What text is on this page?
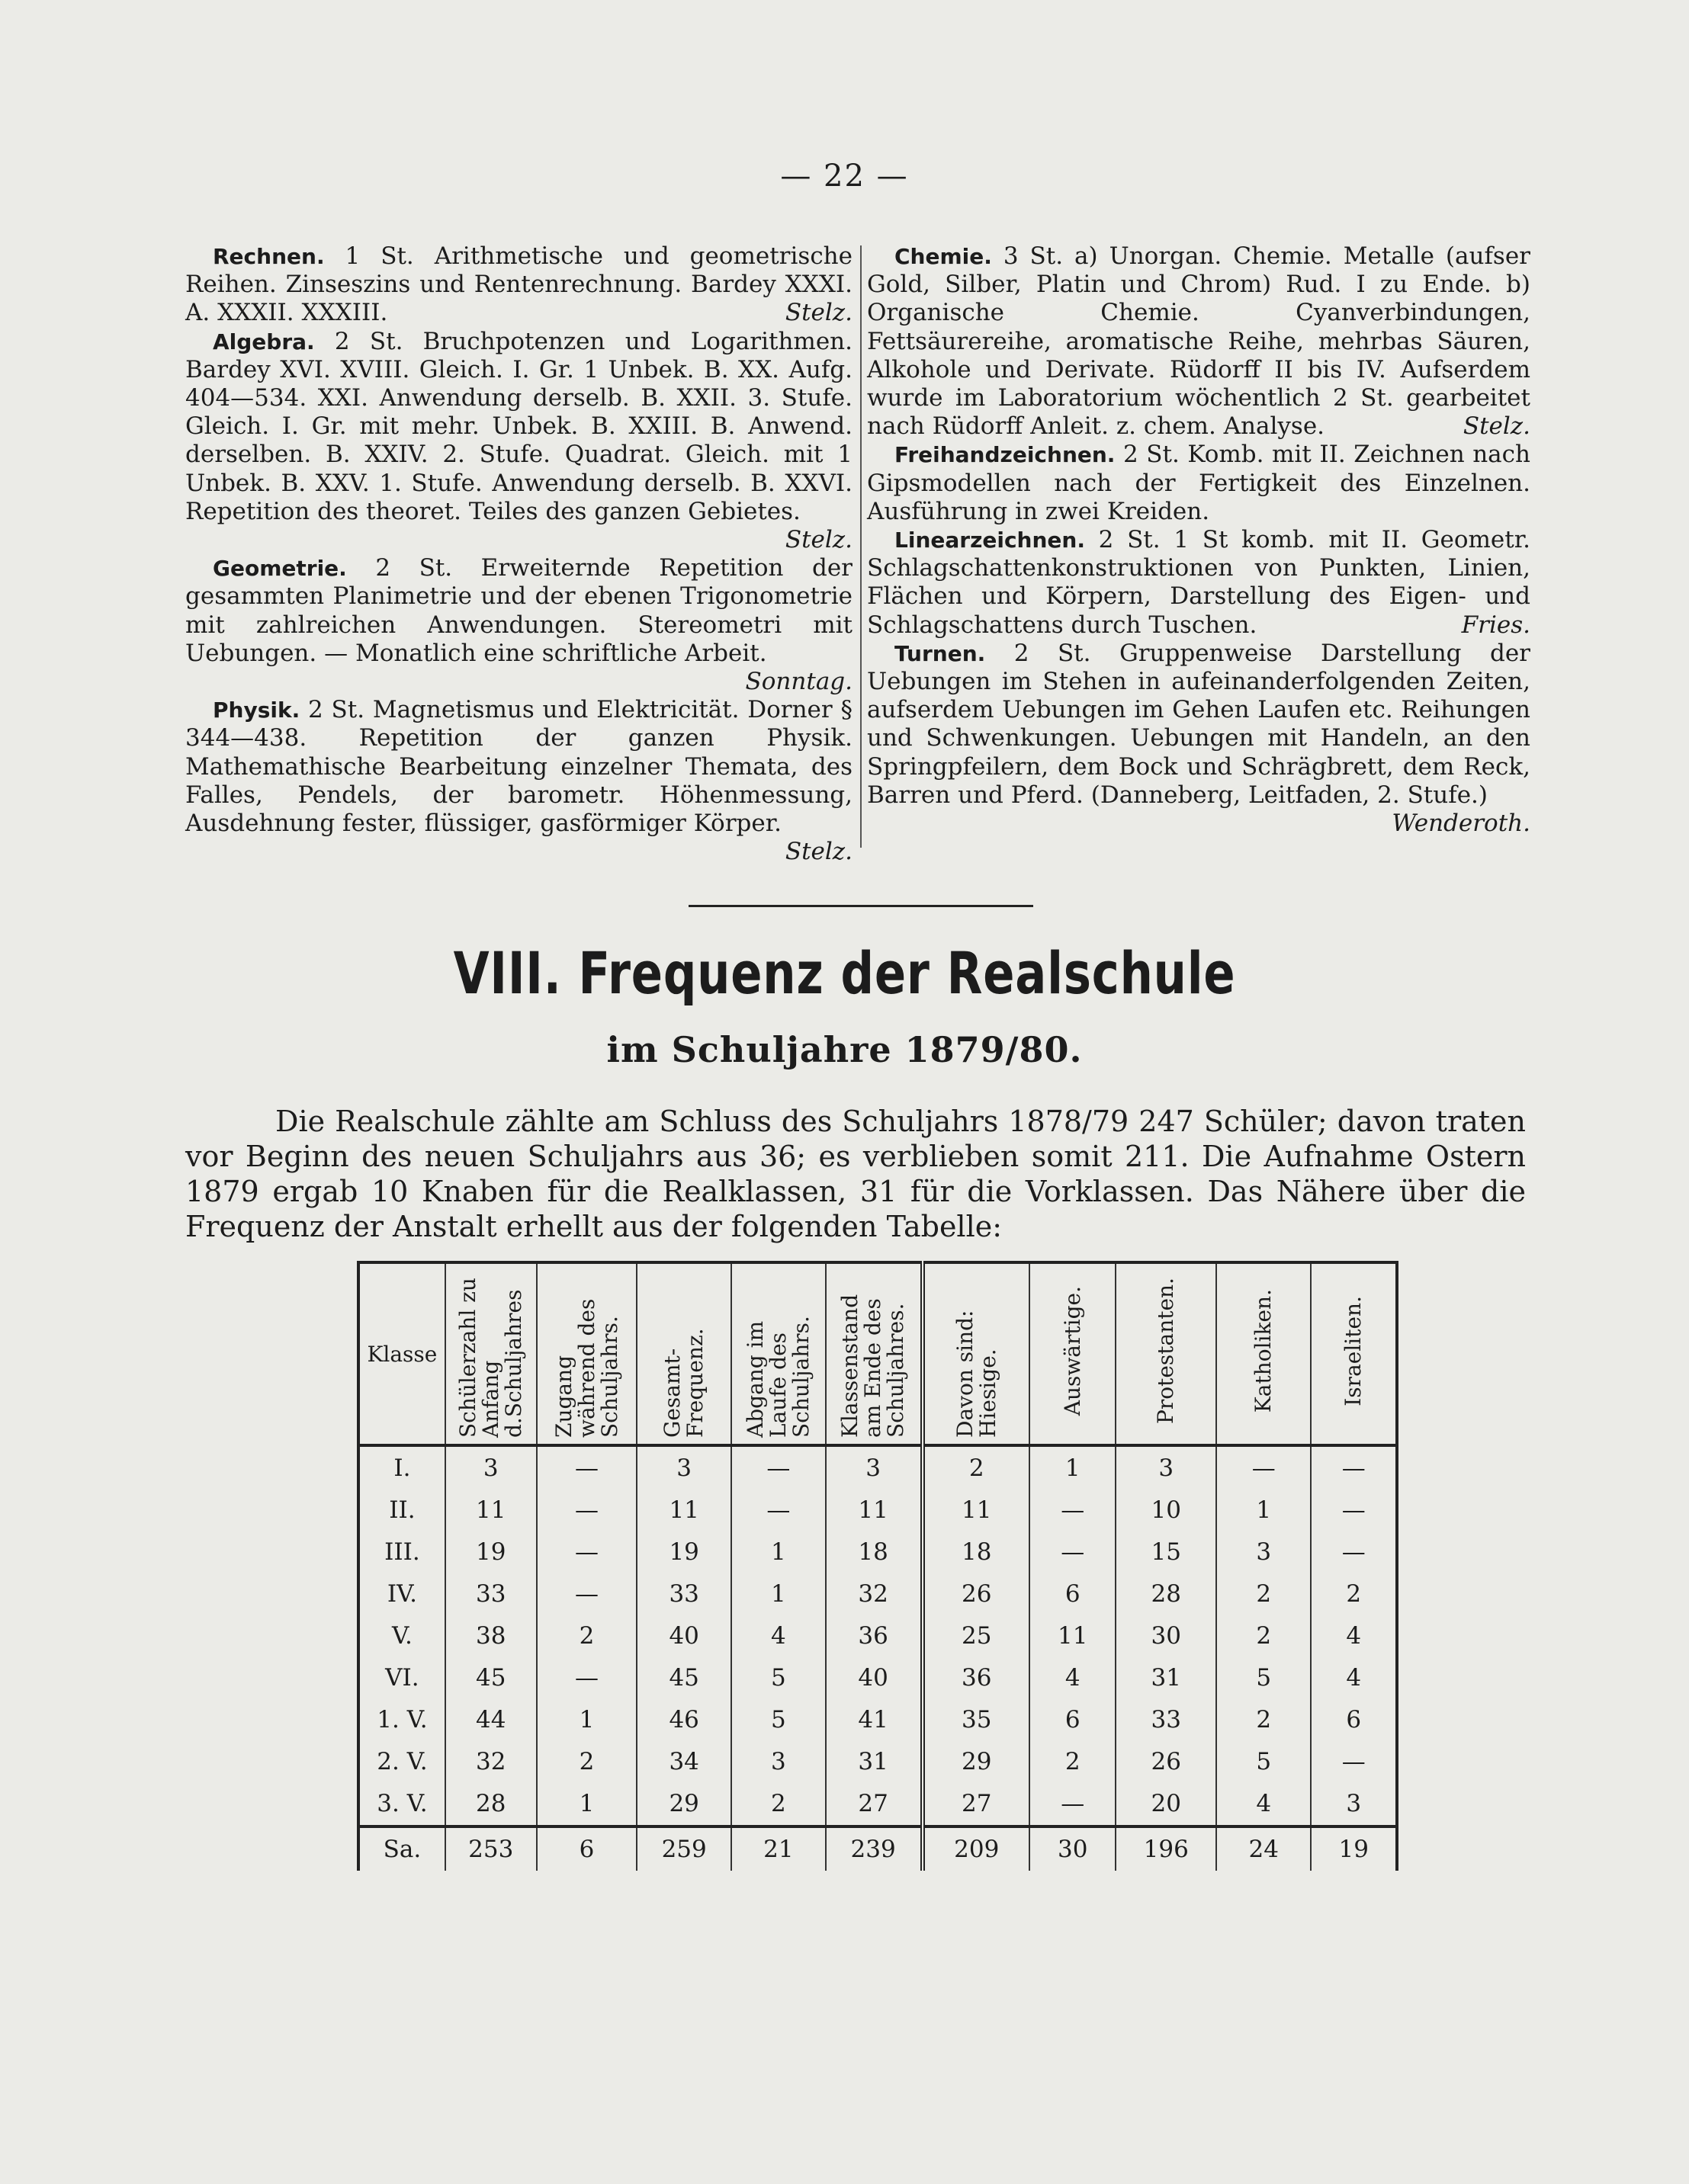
— 22 —

Rechnen. 1 St. Arithmetische und geometrische Reihen. Zinseszins und Rentenrechnung. Bardey XXXI. A. XXXII. XXXIII.	Stelz.

Algebra. 2 St. Bruchpotenzen und Logarithmen. Bardey XVI. XVIII. Gleich. I. Gr. 1 Unbek. B. XX. Aufg. 404—534. XXI. Anwendung derselb. B. XXII. 3. Stufe. Gleich. I. Gr. mit mehr. Unbek. B. XXIII. B. Anwend. derselben. B. XXIV. 2. Stufe. Quadrat. Gleich. mit 1 Unbek. B. XXV. 1. Stufe. Anwendung derselb. B. XXVI. Repetition des theoret. Teiles des ganzen Gebietes.
Stelz.

Geometrie. 2 St. Erweiternde Repetition der gesammten Planimetrie und der ebenen Trigonometrie mit zahlreichen Anwendungen. Stereometri mit Uebungen. — Monatlich eine schriftliche Arbeit.
Sonntag.

Physik. 2 St. Magnetismus und Elektricität. Dorner § 344—438. Repetition der ganzen Physik. Mathemathische Bearbeitung einzelner Themata, des Falles, Pendels, der barometr. Höhenmessung, Ausdehnung fester, flüssiger, gasförmiger Körper.
Stelz.

Chemie. 3 St. a) Unorgan. Chemie. Metalle (aufser Gold, Silber, Platin und Chrom) Rud. I zu Ende. b) Organische Chemie. Cyanverbindungen, Fettsäurereihe, aromatische Reihe, mehrbas Säuren, Alkohole und Derivate. Rüdorff II bis IV. Aufserdem wurde im Laboratorium wöchentlich 2 St. gearbeitet nach Rüdorff Anleit. z. chem. Analyse.	Stelz.

Freihandzeichnen. 2 St. Komb. mit II. Zeichnen nach Gipsmodellen nach der Fertigkeit des Einzelnen. Ausführung in zwei Kreiden.

Linearzeichnen. 2 St. 1 St komb. mit II. Geometr. Schlagschattenkonstruktionen von Punkten, Linien, Flächen und Körpern, Darstellung des Eigen- und Schlagschattens durch Tuschen.	Fries.

Turnen. 2 St. Gruppenweise Darstellung der Uebungen im Stehen in aufeinanderfolgenden Zeiten, aufserdem Uebungen im Gehen Laufen etc. Reihungen und Schwenkungen. Uebungen mit Handeln, an den Springpfeilern, dem Bock und Schrägbrett, dem Reck, Barren und Pferd. (Danneberg, Leitfaden, 2. Stufe.)
Wenderoth.

VIII. Frequenz der Realschule
im Schuljahre 1879/80.

Die Realschule zählte am Schluss des Schuljahrs 1878/79 247 Schüler; davon traten vor Beginn des neuen Schuljahrs aus 36; es verblieben somit 211. Die Aufnahme Ostern 1879 ergab 10 Knaben für die Realklassen, 31 für die Vorklassen. Das Nähere über die Frequenz der Anstalt erhellt aus der folgenden Tabelle:

Klasse	Schülerzahl zu Anfang d.Schuljahres	Zugang während des Schuljahrs.	Gesamt-Frequenz.	Abgang im Laufe des Schuljahrs.	Klassenstand am Ende des Schuljahres.	Davon sind: Hiesige.	Auswärtige.	Protestanten.	Katholiken.	Israeliten.
I.	3	—	3	—	3	2	1	3	—	—
II.	11	—	11	—	11	11	—	10	1	—
III.	19	—	19	1	18	18	—	15	3	—
IV.	33	—	33	1	32	26	6	28	2	2
V.	38	2	40	4	36	25	11	30	2	4
VI.	45	—	45	5	40	36	4	31	5	4
1. V.	44	1	46	5	41	35	6	33	2	6
2. V.	32	2	34	3	31	29	2	26	5	—
3. V.	28	1	29	2	27	27	—	20	4	3
Sa.	253	6	259	21	239	209	30	196	24	19
